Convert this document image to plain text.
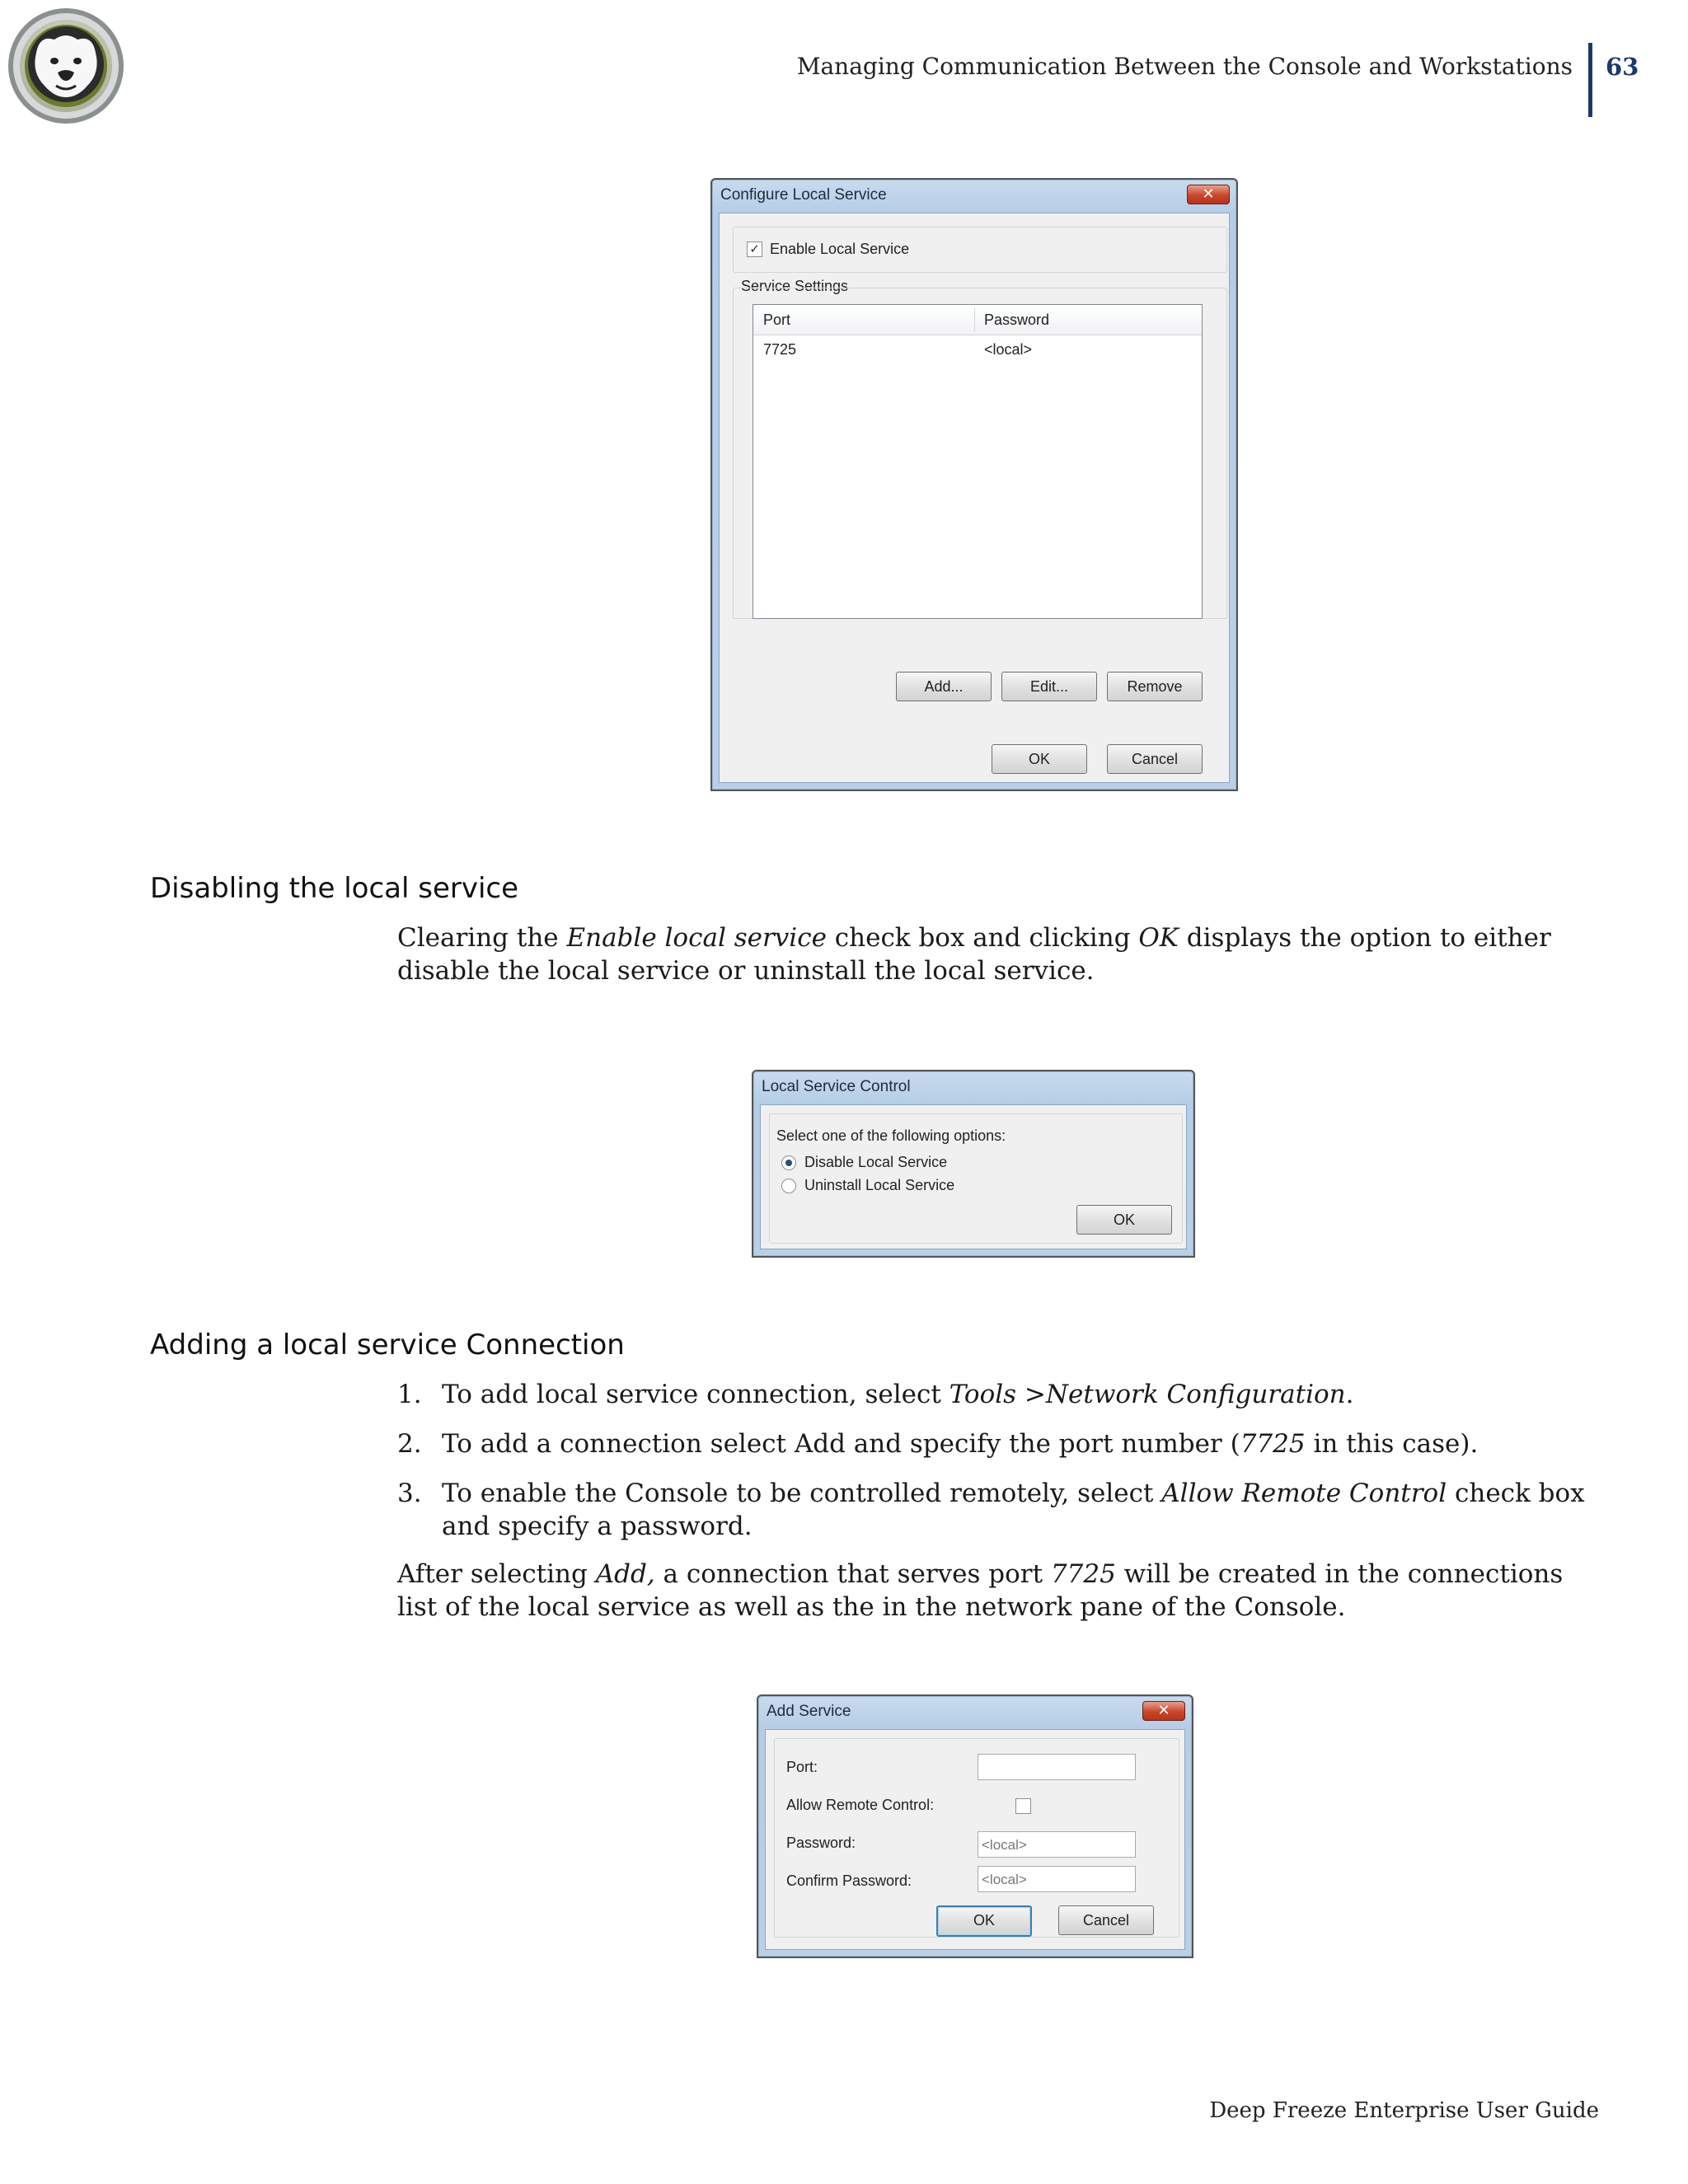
Managing Communication Between the Console and Workstations 63
Configure Local Service	✕
✓ Enable Local Service
Service Settings
Port	Password
7725	<local>
Add...	Edit...	Remove
OK	Cancel
Disabling the local service
Clearing the Enable local service check box and clicking OK displays the option to either disable the local service or uninstall the local service.
Local Service Control
Select one of the following options:
Disable Local Service
Uninstall Local Service
OK
Adding a local service Connection
1. To add local service connection, select Tools >Network Configuration.
2. To add a connection select Add and specify the port number (7725 in this case).
3. To enable the Console to be controlled remotely, select Allow Remote Control check box and specify a password.
After selecting Add, a connection that serves port 7725 will be created in the connections list of the local service as well as the in the network pane of the Console.
Add Service	✕
Port:
Allow Remote Control:
Password:	<local>
Confirm Password:	<local>
OK	Cancel
Deep Freeze Enterprise User Guide
